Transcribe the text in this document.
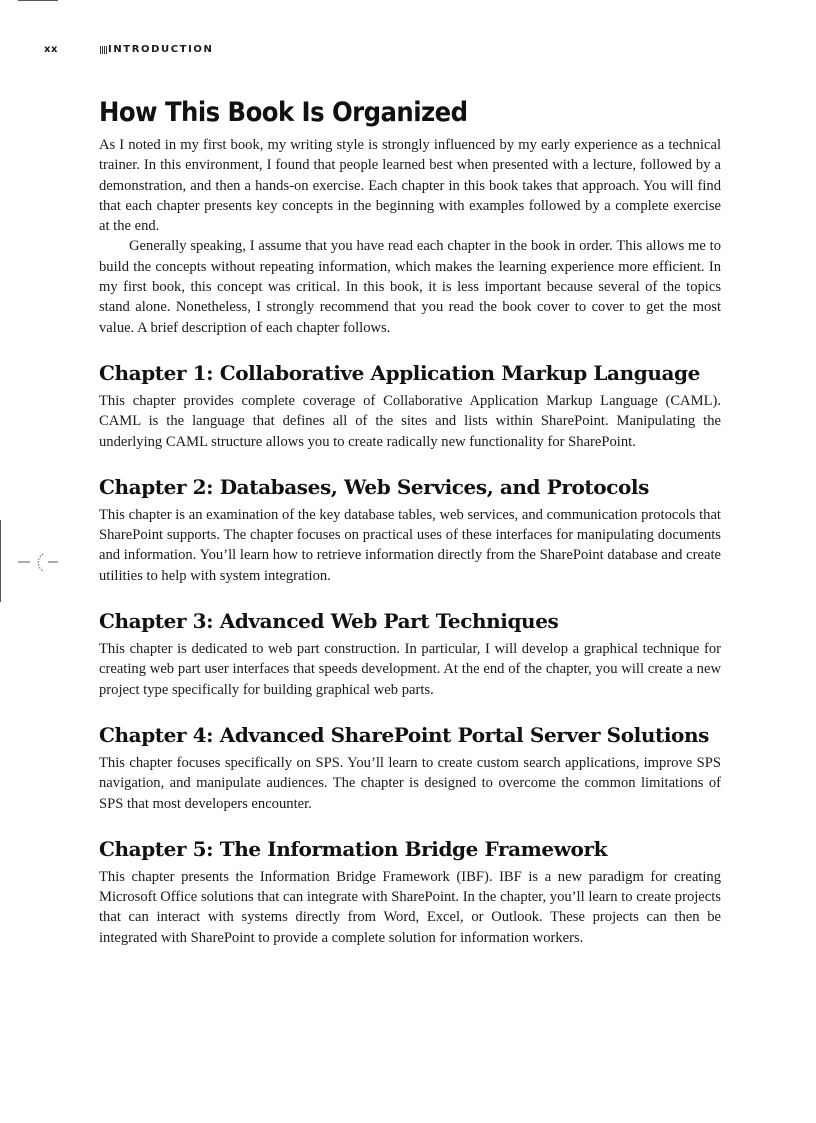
xx	INTRODUCTION
How This Book Is Organized

As I noted in my first book, my writing style is strongly influenced by my early experience as a technical trainer. In this environment, I found that people learned best when presented with a lecture, followed by a demonstration, and then a hands-on exercise. Each chapter in this book takes that approach. You will find that each chapter presents key concepts in the beginning with examples followed by a complete exercise at the end.

Generally speaking, I assume that you have read each chapter in the book in order. This allows me to build the concepts without repeating information, which makes the learning experience more efficient. In my first book, this concept was critical. In this book, it is less important because several of the topics stand alone. Nonetheless, I strongly recommend that you read the book cover to cover to get the most value. A brief description of each chapter follows.

Chapter 1: Collaborative Application Markup Language

This chapter provides complete coverage of Collaborative Application Markup Language (CAML). CAML is the language that defines all of the sites and lists within SharePoint. Manipulating the underlying CAML structure allows you to create radically new functionality for SharePoint.

Chapter 2: Databases, Web Services, and Protocols

This chapter is an examination of the key database tables, web services, and communication protocols that SharePoint supports. The chapter focuses on practical uses of these interfaces for manipulating documents and information. You’ll learn how to retrieve information directly from the SharePoint database and create utilities to help with system integration.

Chapter 3: Advanced Web Part Techniques

This chapter is dedicated to web part construction. In particular, I will develop a graphical technique for creating web part user interfaces that speeds development. At the end of the chapter, you will create a new project type specifically for building graphical web parts.

Chapter 4: Advanced SharePoint Portal Server Solutions

This chapter focuses specifically on SPS. You’ll learn to create custom search applications, improve SPS navigation, and manipulate audiences. The chapter is designed to overcome the common limitations of SPS that most developers encounter.

Chapter 5: The Information Bridge Framework

This chapter presents the Information Bridge Framework (IBF). IBF is a new paradigm for creating Microsoft Office solutions that can integrate with SharePoint. In the chapter, you’ll learn to create projects that can interact with systems directly from Word, Excel, or Outlook. These projects can then be integrated with SharePoint to provide a complete solution for information workers.
